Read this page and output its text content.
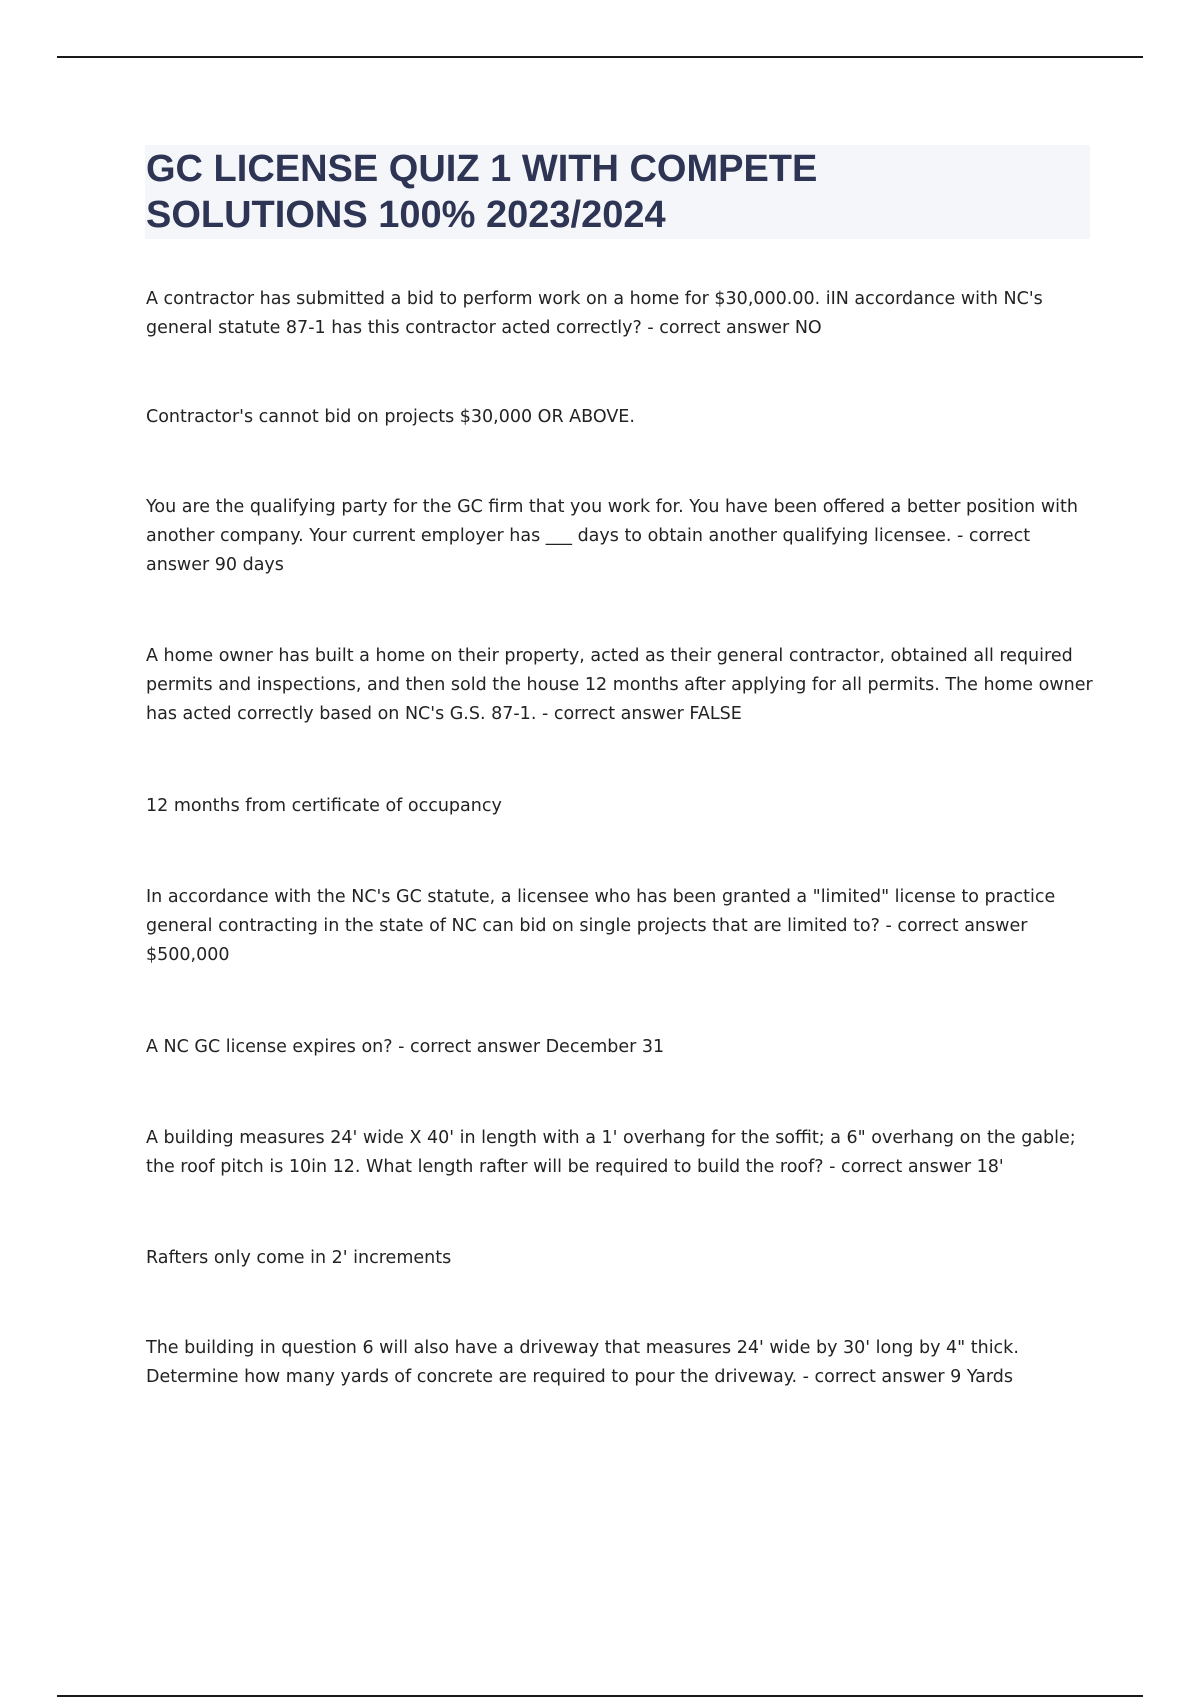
GC LICENSE QUIZ 1 WITH COMPETE
SOLUTIONS 100% 2023/2024

A contractor has submitted a bid to perform work on a home for $30,000.00. iIN accordance with NC's general statute 87-1 has this contractor acted correctly? - correct answer NO

Contractor's cannot bid on projects $30,000 OR ABOVE.

You are the qualifying party for the GC firm that you work for. You have been offered a better position with another company. Your current employer has ___ days to obtain another qualifying licensee. - correct answer 90 days

A home owner has built a home on their property, acted as their general contractor, obtained all required permits and inspections, and then sold the house 12 months after applying for all permits. The home owner has acted correctly based on NC's G.S. 87-1. - correct answer FALSE

12 months from certificate of occupancy

In accordance with the NC's GC statute, a licensee who has been granted a "limited" license to practice general contracting in the state of NC can bid on single projects that are limited to? - correct answer $500,000

A NC GC license expires on? - correct answer December 31

A building measures 24' wide X 40' in length with a 1' overhang for the soffit; a 6" overhang on the gable; the roof pitch is 10in 12. What length rafter will be required to build the roof? - correct answer 18'

Rafters only come in 2' increments

The building in question 6 will also have a driveway that measures 24' wide by 30' long by 4" thick. Determine how many yards of concrete are required to pour the driveway. - correct answer 9 Yards
